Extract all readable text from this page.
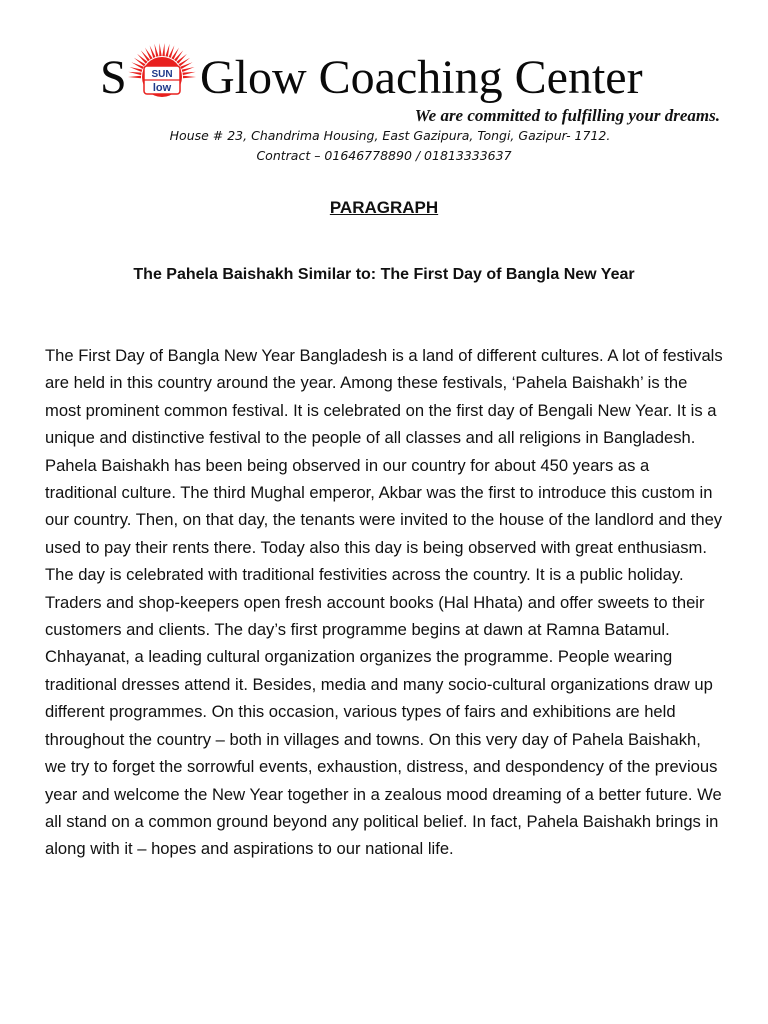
S Glow Coaching Center
SUN
low
We are committed to fulfilling your dreams.
House # 23, Chandrima Housing, East Gazipura, Tongi, Gazipur- 1712.
Contract – 01646778890 / 01813333637
PARAGRAPH
The Pahela Baishakh Similar to: The First Day of Bangla New Year

The First Day of Bangla New Year Bangladesh is a land of different cultures. A lot of festivals are held in this country around the year. Among these festivals, ‘Pahela Baishakh’ is the most prominent common festival. It is celebrated on the first day of Bengali New Year. It is a unique and distinctive festival to the people of all classes and all religions in Bangladesh. Pahela Baishakh has been being observed in our country for about 450 years as a traditional culture. The third Mughal emperor, Akbar was the first to introduce this custom in our country. Then, on that day, the tenants were invited to the house of the landlord and they used to pay their rents there. Today also this day is being observed with great enthusiasm. The day is celebrated with traditional festivities across the country. It is a public holiday. Traders and shop-keepers open fresh account books (Hal Hhata) and offer sweets to their customers and clients. The day’s first programme begins at dawn at Ramna Batamul. Chhayanat, a leading cultural organization organizes the programme. People wearing traditional dresses attend it. Besides, media and many socio-cultural organizations draw up different programmes. On this occasion, various types of fairs and exhibitions are held throughout the country – both in villages and towns. On this very day of Pahela Baishakh, we try to forget the sorrowful events, exhaustion, distress, and despondency of the previous year and welcome the New Year together in a zealous mood dreaming of a better future. We all stand on a common ground beyond any political belief. In fact, Pahela Baishakh brings in along with it – hopes and aspirations to our national life.
